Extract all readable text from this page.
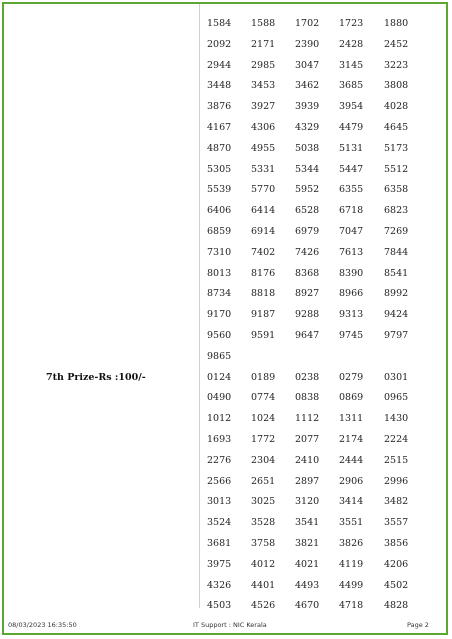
1584 1588 1702 1723 1880
2092 2171 2390 2428 2452
2944 2985 3047 3145 3223
3448 3453 3462 3685 3808
3876 3927 3939 3954 4028
4167 4306 4329 4479 4645
4870 4955 5038 5131 5173
5305 5331 5344 5447 5512
5539 5770 5952 6355 6358
6406 6414 6528 6718 6823
6859 6914 6979 7047 7269
7310 7402 7426 7613 7844
8013 8176 8368 8390 8541
8734 8818 8927 8966 8992
9170 9187 9288 9313 9424
9560 9591 9647 9745 9797
9865
0124 0189 0238 0279 0301
0490 0774 0838 0869 0965
1012 1024 1112 1311 1430
1693 1772 2077 2174 2224
2276 2304 2410 2444 2515
2566 2651 2897 2906 2996
3013 3025 3120 3414 3482
3524 3528 3541 3551 3557
3681 3758 3821 3826 3856
3975 4012 4021 4119 4206
4326 4401 4493 4499 4502
4503 4526 4670 4718 4828
7th Prize-Rs :100/-
08/03/2023 16:35:50	IT Support : NIC Kerala	Page 2
